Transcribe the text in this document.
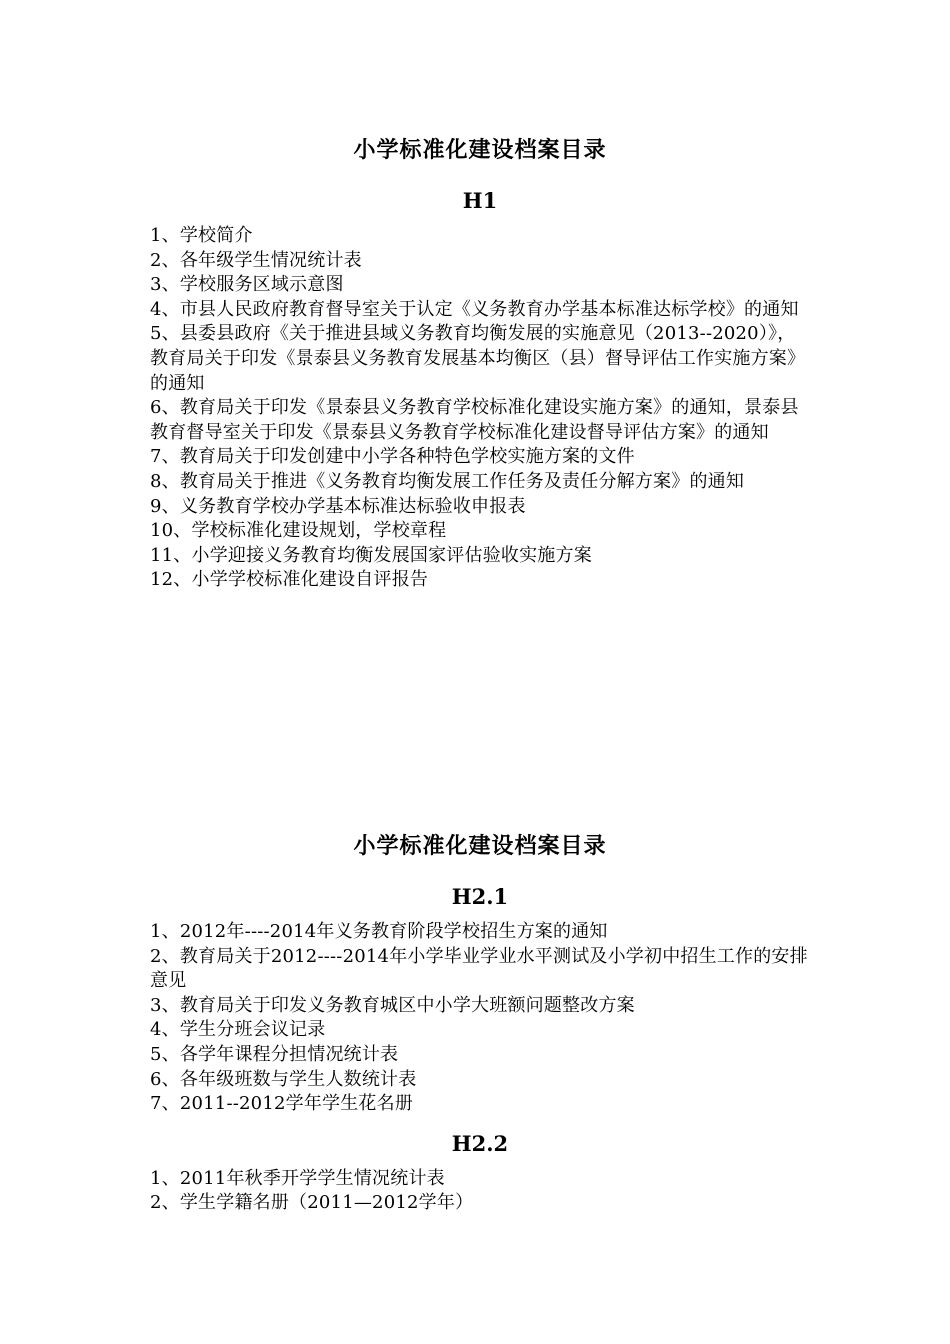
小学标准化建设档案目录
H1
1、学校简介
2、各年级学生情况统计表
3、学校服务区域示意图
4、市县人民政府教育督导室关于认定《义务教育办学基本标准达标学校》的通知
5、县委县政府《关于推进县域义务教育均衡发展的实施意见（2013--2020）》，教育局关于印发《景泰县义务教育发展基本均衡区（县）督导评估工作实施方案》的通知
6、教育局关于印发《景泰县义务教育学校标准化建设实施方案》的通知，景泰县教育督导室关于印发《景泰县义务教育学校标准化建设督导评估方案》的通知
7、教育局关于印发创建中小学各种特色学校实施方案的文件
8、教育局关于推进《义务教育均衡发展工作任务及责任分解方案》的通知
9、义务教育学校办学基本标准达标验收申报表
10、学校标准化建设规划，学校章程
11、小学迎接义务教育均衡发展国家评估验收实施方案
12、小学学校标准化建设自评报告
小学标准化建设档案目录
H2.1
1、2012年----2014年义务教育阶段学校招生方案的通知
2、教育局关于2012----2014年小学毕业学业水平测试及小学初中招生工作的安排意见
3、教育局关于印发义务教育城区中小学大班额问题整改方案
4、学生分班会议记录
5、各学年课程分担情况统计表
6、各年级班数与学生人数统计表
7、2011--2012学年学生花名册
H2.2
1、2011年秋季开学学生情况统计表
2、学生学籍名册（2011—2012学年）
